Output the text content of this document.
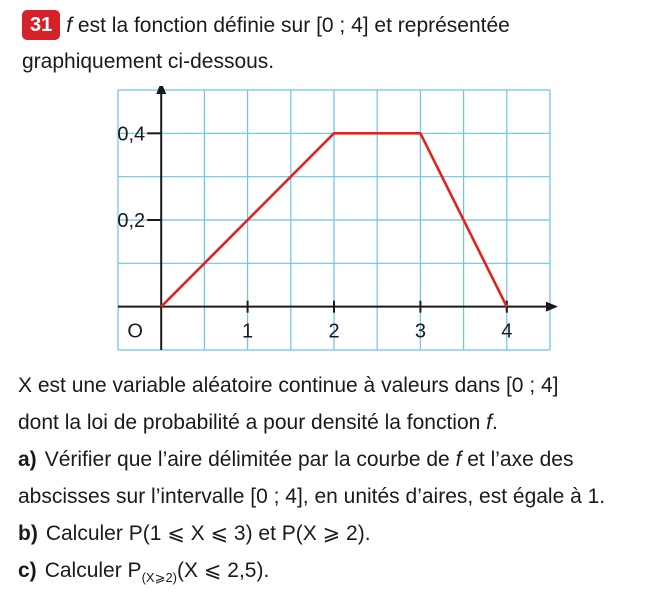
31 f est la fonction définie sur [0 ; 4] et représentée

graphiquement ci-dessous.

1	2	3	4
0,2
0,4
O

X est une variable aléatoire continue à valeurs dans [0 ; 4]

dont la loi de probabilité a pour densité la fonction f.

a) Vérifier que l’aire délimitée par la courbe de f et l’axe des

abscisses sur l’intervalle [0 ; 4], en unités d’aires, est égale à 1.

b) Calculer P(1 ⩽ X ⩽ 3) et P(X ⩾ 2).

c) Calculer $P_{(X⩾2)}(X$ ⩽ 2,5).
